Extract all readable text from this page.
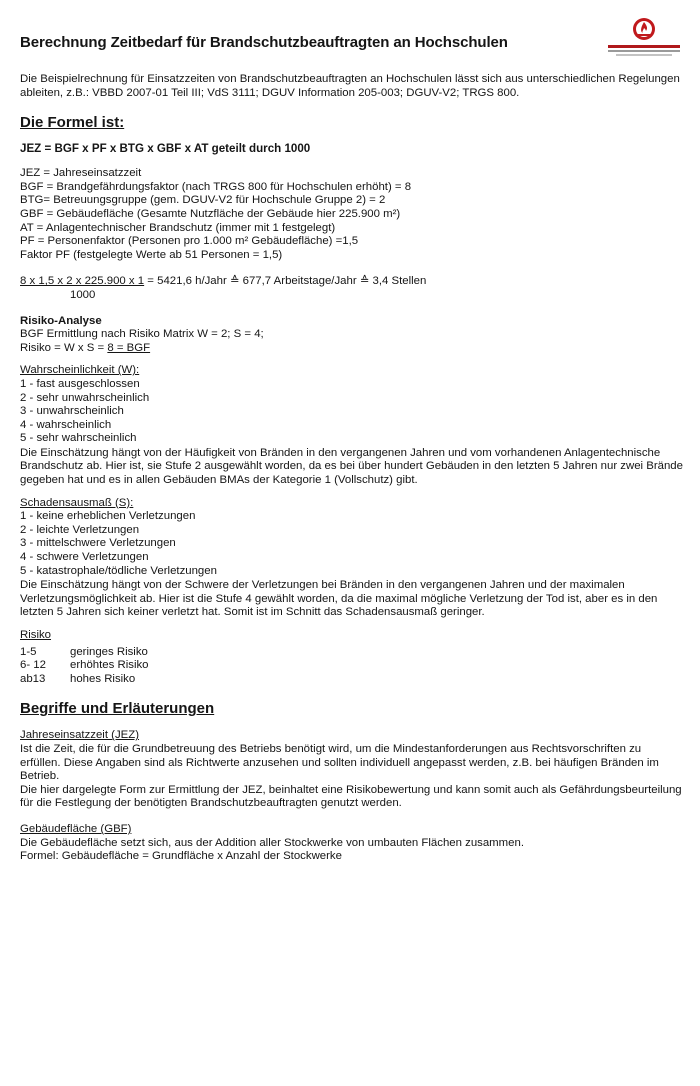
Berechnung Zeitbedarf für Brandschutzbeauftragten an Hochschulen

Die Beispielrechnung für Einsatzzeiten von Brandschutzbeauftragten an Hochschulen lässt sich aus unterschiedlichen Regelungen ableiten, z.B.: VBBD 2007-01 Teil III; VdS 3111; DGUV Information 205-003; DGUV-V2; TRGS 800.

Die Formel ist:

JEZ = BGF x PF x BTG x GBF x AT geteilt durch 1000

JEZ = Jahreseinsatzzeit

BGF = Brandgefährdungsfaktor (nach TRGS 800 für Hochschulen erhöht) = 8

BTG= Betreuungsgruppe (gem. DGUV-V2 für Hochschule Gruppe 2) = 2

GBF = Gebäudefläche (Gesamte Nutzfläche der Gebäude hier 225.900 m²)

AT = Anlagentechnischer Brandschutz (immer mit 1 festgelegt)

PF = Personenfaktor (Personen pro 1.000 m² Gebäudefläche) =1,5

Faktor PF (festgelegte Werte ab 51 Personen = 1,5)

8 x 1,5 x 2 x 225.900 x 1 = 5421,6 h/Jahr ≙ 677,7 Arbeitstage/Jahr ≙ 3,4 Stellen

1000

Risiko-Analyse

BGF Ermittlung nach Risiko Matrix W = 2; S = 4;

Risiko = W x S = 8 = BGF

Wahrscheinlichkeit (W):

1 - fast ausgeschlossen

2 - sehr unwahrscheinlich

3 - unwahrscheinlich

4 - wahrscheinlich

5 - sehr wahrscheinlich

Die Einschätzung hängt von der Häufigkeit von Bränden in den vergangenen Jahren und vom vorhandenen Anlagentechnische Brandschutz ab. Hier ist, sie Stufe 2 ausgewählt worden, da es bei über hundert Gebäuden in den letzten 5 Jahren nur zwei Brände gegeben hat und es in allen Gebäuden BMAs der Kategorie 1 (Vollschutz) gibt.

Schadensausmaß (S):

1 - keine erheblichen Verletzungen

2 - leichte Verletzungen

3 - mittelschwere Verletzungen

4 - schwere Verletzungen

5 - katastrophale/tödliche Verletzungen

Die Einschätzung hängt von der Schwere der Verletzungen bei Bränden in den vergangenen Jahren und der maximalen Verletzungsmöglichkeit ab. Hier ist die Stufe 4 gewählt worden, da die maximal mögliche Verletzung der Tod ist, aber es in den letzten 5 Jahren sich keiner verletzt hat. Somit ist im Schnitt das Schadensausmaß geringer.

Risiko

1-5	geringes Risiko
6- 12	erhöhtes Risiko
ab13	hohes Risiko

Begriffe und Erläuterungen

Jahreseinsatzzeit (JEZ)

Ist die Zeit, die für die Grundbetreuung des Betriebs benötigt wird, um die Mindestanforderungen aus Rechtsvorschriften zu erfüllen. Diese Angaben sind als Richtwerte anzusehen und sollten individuell angepasst werden, z.B. bei häufigen Bränden im Betrieb.

Die hier dargelegte Form zur Ermittlung der JEZ, beinhaltet eine Risikobewertung und kann somit auch als Gefährdungsbeurteilung für die Festlegung der benötigten Brandschutzbeauftragten genutzt werden.

Gebäudefläche (GBF)

Die Gebäudefläche setzt sich, aus der Addition aller Stockwerke von umbauten Flächen zusammen.

Formel: Gebäudefläche = Grundfläche x Anzahl der Stockwerke
